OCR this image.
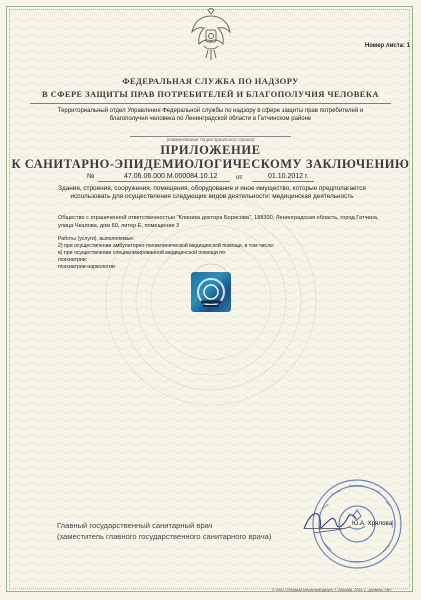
Номер листа: 1
ФЕДЕРАЛЬНАЯ СЛУЖБА ПО НАДЗОРУ
В СФЕРЕ ЗАЩИТЫ ПРАВ ПОТРЕБИТЕЛЕЙ И БЛАГОПОЛУЧИЯ ЧЕЛОВЕКА
Территориальный отдел Управления Федеральной службы по надзору в сфере защиты прав потребителей и благополучия человека по Ленинградской области в Гатчинском районе
(наименование территориального органа)
ПРИЛОЖЕНИЕ
К САНИТАРНО-ЭПИДЕМИОЛОГИЧЕСКОМУ ЗАКЛЮЧЕНИЮ
№	47.06.06.000.М.000084.10.12	от	01.10.2012 г.
Здания, строения, сооружения, помещения, оборудование и иное имущество, которые предполагается использовать для осуществления следующих видов деятельности: медицинская деятельность
Общество с ограниченной ответственностью "Клиника доктора Борисова", 188300, Ленинградская область, город Гатчина, улица Чкалова, дом 60, литер Е, помещение 3
Работы (услуги), выполняемые:
2) при осуществлении амбулаторно-поликлинической медицинской помощи, в том числе:
в) при осуществлении специализированной медицинской помощи по:
психиатрии;
психиатрии-наркологии
Главный государственный санитарный врач
(заместитель главного государственного санитарного врача)
Ю.А. Хрялова
© ЗАО «Первый печатный двор», г. Москва, 2011 г., уровень «В»
